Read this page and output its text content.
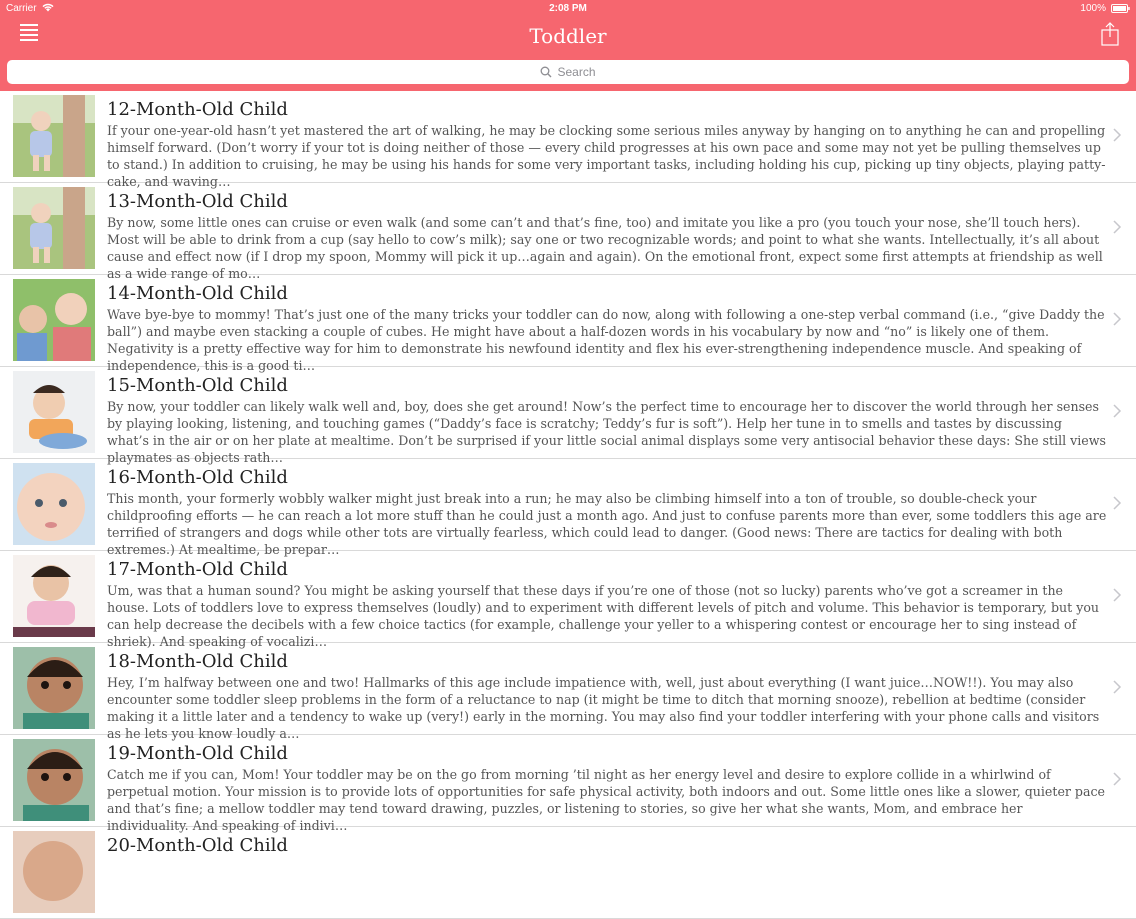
Carrier	2:08 PM	100%
Toddler
Search
12-Month-Old Child
If your one-year-old hasn’t yet mastered the art of walking, he may be clocking some serious miles anyway by hanging on to anything he can and propelling himself forward. (Don’t worry if your tot is doing neither of those — every child progresses at his own pace and some may not yet be pulling themselves up to stand.) In addition to cruising, he may be using his hands for some very important tasks, including holding his cup, picking up tiny objects, playing patty-cake, and waving…
13-Month-Old Child
By now, some little ones can cruise or even walk (and some can’t and that’s fine, too) and imitate you like a pro (you touch your nose, she’ll touch hers). Most will be able to drink from a cup (say hello to cow’s milk); say one or two recognizable words; and point to what she wants. Intellectually, it’s all about cause and effect now (if I drop my spoon, Mommy will pick it up…again and again). On the emotional front, expect some first attempts at friendship as well as a wide range of mo…
14-Month-Old Child
Wave bye-bye to mommy! That’s just one of the many tricks your toddler can do now, along with following a one-step verbal command (i.e., “give Daddy the ball”) and maybe even stacking a couple of cubes. He might have about a half-dozen words in his vocabulary by now and “no” is likely one of them. Negativity is a pretty effective way for him to demonstrate his newfound identity and flex his ever-strengthening independence muscle. And speaking of independence, this is a good ti…
15-Month-Old Child
By now, your toddler can likely walk well and, boy, does she get around! Now’s the perfect time to encourage her to discover the world through her senses by playing looking, listening, and touching games (“Daddy’s face is scratchy; Teddy’s fur is soft”). Help her tune in to smells and tastes by discussing what’s in the air or on her plate at mealtime. Don’t be surprised if your little social animal displays some very antisocial behavior these days: She still views playmates as objects rath…
16-Month-Old Child
This month, your formerly wobbly walker might just break into a run; he may also be climbing himself into a ton of trouble, so double-check your childproofing efforts — he can reach a lot more stuff than he could just a month ago. And just to confuse parents more than ever, some toddlers this age are terrified of strangers and dogs while other tots are virtually fearless, which could lead to danger. (Good news: There are tactics for dealing with both extremes.) At mealtime, be prepar…
17-Month-Old Child
Um, was that a human sound? You might be asking yourself that these days if you’re one of those (not so lucky) parents who’ve got a screamer in the house. Lots of toddlers love to express themselves (loudly) and to experiment with different levels of pitch and volume. This behavior is temporary, but you can help decrease the decibels with a few choice tactics (for example, challenge your yeller to a whispering contest or encourage her to sing instead of shriek). And speaking of vocalizi…
18-Month-Old Child
Hey, I’m halfway between one and two! Hallmarks of this age include impatience with, well, just about everything (I want juice…NOW!!). You may also encounter some toddler sleep problems in the form of a reluctance to nap (it might be time to ditch that morning snooze), rebellion at bedtime (consider making it a little later and a tendency to wake up (very!) early in the morning. You may also find your toddler interfering with your phone calls and visitors as he lets you know loudly a…
19-Month-Old Child
Catch me if you can, Mom! Your toddler may be on the go from morning ’til night as her energy level and desire to explore collide in a whirlwind of perpetual motion. Your mission is to provide lots of opportunities for safe physical activity, both indoors and out. Some little ones like a slower, quieter pace and that’s fine; a mellow toddler may tend toward drawing, puzzles, or listening to stories, so give her what she wants, Mom, and embrace her individuality. And speaking of indivi…
20-Month-Old Child
